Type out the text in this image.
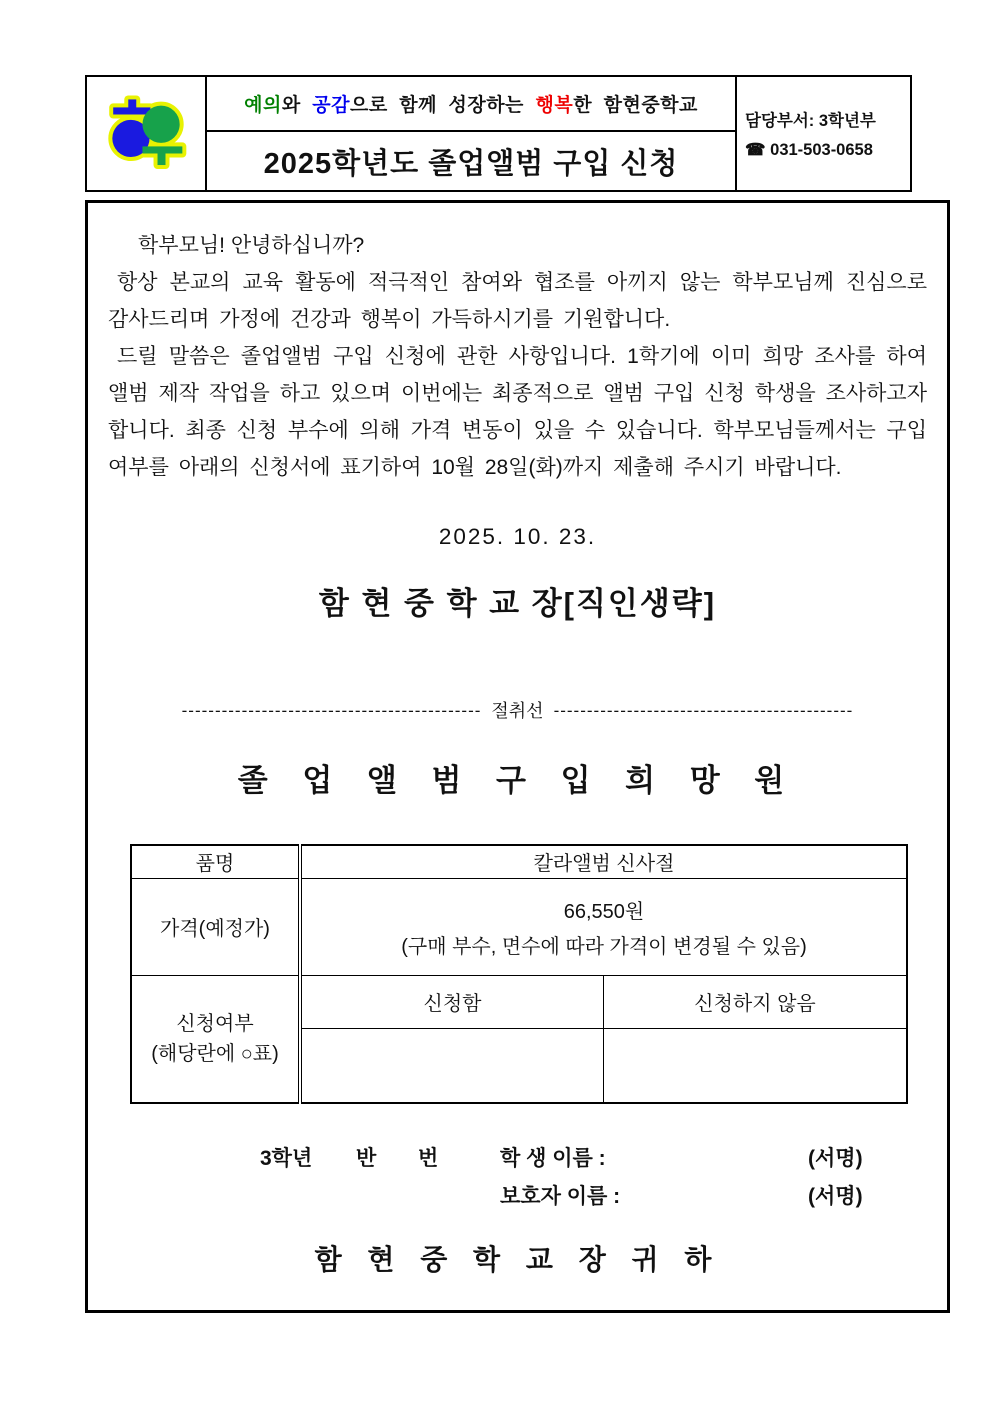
예의 와 공감 으로  함께  성장하는 행복 한  함현중학교
2025학년도 졸업앨범 구입 신청
담당부서: 3학년부
☎ 031-503-0658

학부모님! 안녕하십니까?

항상 본교의 교육 활동에 적극적인 참여와 협조를 아끼지 않는 학부모님께 진심으로 감사드리며 가정에 건강과 행복이 가득하시기를 기원합니다.

드릴 말씀은 졸업앨범 구입 신청에 관한 사항입니다. 1학기에 이미 희망 조사를 하여 앨범 제작 작업을 하고 있으며 이번에는 최종적으로 앨범 구입 신청 학생을 조사하고자 합니다. 최종 신청 부수에 의해 가격 변동이 있을 수 있습니다. 학부모님들께서는 구입 여부를 아래의 신청서에 표기하여 10월 28일(화)까지 제출해 주시기 바랍니다.

2025. 10. 23.
함 현 중 학 교 장[직인생략]
--------------------------------------------- 절취선 ---------------------------------------------
졸 업 앨 범 구 입 희 망 원
품명	칼라앨범 신사절	
가격(예정가)	66,550원
(구매 부수, 면수에 따라 가격이 변경될 수 있음)	

신청여부
(해당란에 ○표)	신청함	신청하지 않음

3학년 반 번	학 생 이름 :	(서명)
보호자 이름 :	(서명)
함 현 중 학 교 장 귀 하
